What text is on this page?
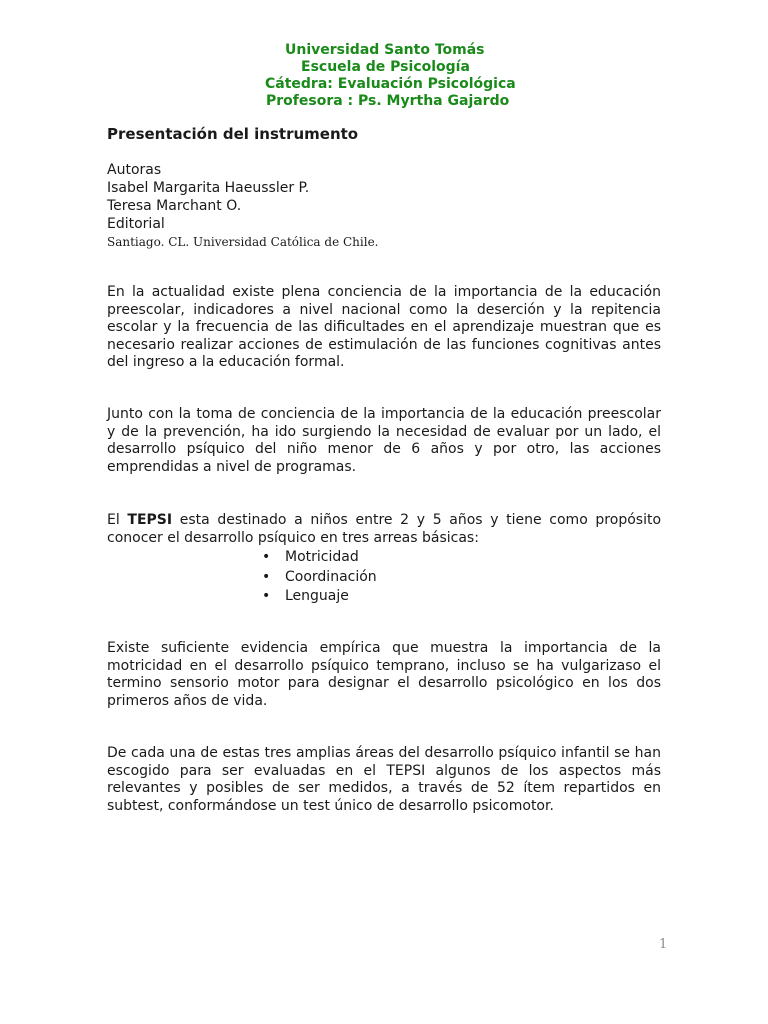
Universidad Santo Tomás
Escuela de Psicología
Cátedra: Evaluación Psicológica
Profesora : Ps. Myrtha Gajardo
Presentación del instrumento
Autoras
Isabel Margarita Haeussler P.
Teresa Marchant O.
Editorial
Santiago. CL. Universidad Católica de Chile.

En la actualidad existe plena conciencia de la importancia de la educación preescolar, indicadores a nivel nacional como la deserción y la repitencia escolar y la frecuencia de las dificultades en el aprendizaje muestran que es necesario realizar acciones de estimulación de las funciones cognitivas antes del ingreso a la educación formal.

Junto con la toma de conciencia de la importancia de la educación preescolar y de la prevención, ha ido surgiendo la necesidad de evaluar por un lado, el desarrollo psíquico del niño menor de 6 años y por otro, las acciones emprendidas a nivel de programas.

El TEPSI esta destinado a niños entre 2 y 5 años y tiene como propósito conocer el desarrollo psíquico en tres arreas básicas:

• Motricidad
• Coordinación
• Lenguaje

Existe suficiente evidencia empírica que muestra la importancia de la motricidad en el desarrollo psíquico temprano, incluso se ha vulgarizaso el termino sensorio motor para designar el desarrollo psicológico en los dos primeros años de vida.

De cada una de estas tres amplias áreas del desarrollo psíquico infantil se han escogido para ser evaluadas en el TEPSI algunos de los aspectos más relevantes y posibles de ser medidos, a través de 52 ítem repartidos en subtest, conformándose un test único de desarrollo psicomotor.

1
